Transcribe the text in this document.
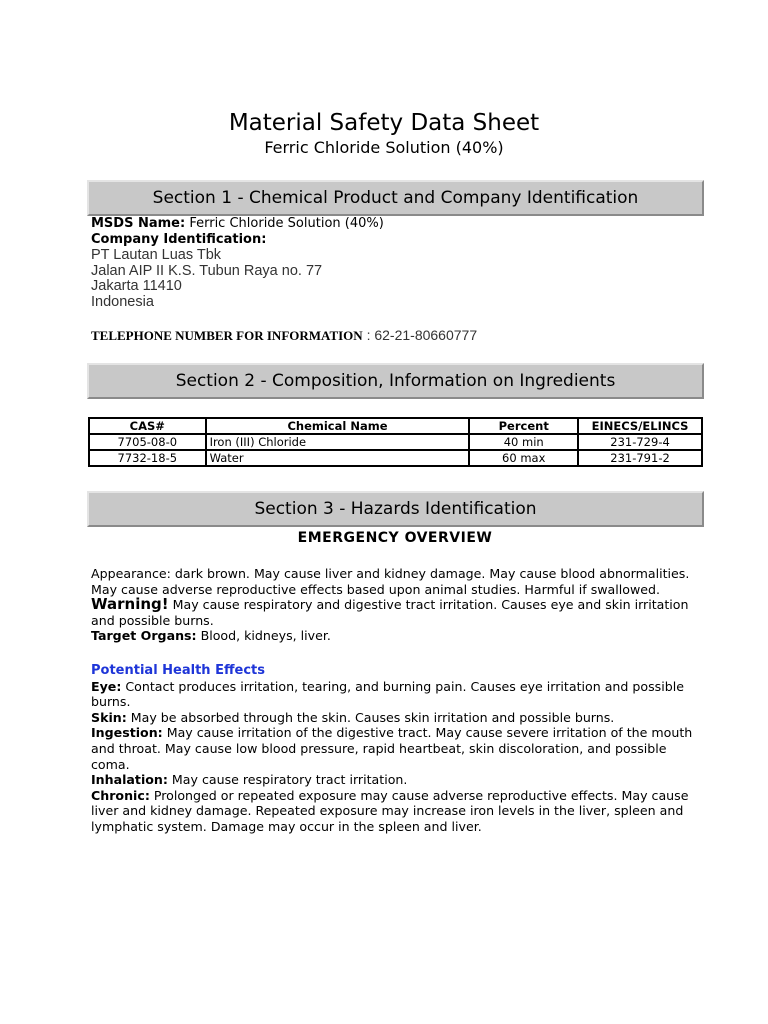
Material Safety Data Sheet
Ferric Chloride Solution (40%)
Section 1 - Chemical Product and Company Identification
MSDS Name: Ferric Chloride Solution (40%)
Company Identification:
PT Lautan Luas Tbk
Jalan AIP II K.S. Tubun Raya no. 77
Jakarta 11410
Indonesia
TELEPHONE NUMBER FOR INFORMATION : 62-21-80660777
Section 2 - Composition, Information on Ingredients
CAS#	Chemical Name	Percent	EINECS/ELINCS
7705-08-0	Iron (III) Chloride	40 min	231-729-4
7732-18-5	Water	60 max	231-791-2
Section 3 - Hazards Identification
EMERGENCY OVERVIEW
Appearance: dark brown. May cause liver and kidney damage. May cause blood abnormalities. May cause adverse reproductive effects based upon animal studies. Harmful if swallowed.
Warning! May cause respiratory and digestive tract irritation. Causes eye and skin irritation and possible burns.
Target Organs: Blood, kidneys, liver.
Potential Health Effects
Eye: Contact produces irritation, tearing, and burning pain. Causes eye irritation and possible burns.
Skin: May be absorbed through the skin. Causes skin irritation and possible burns.
Ingestion: May cause irritation of the digestive tract. May cause severe irritation of the mouth and throat. May cause low blood pressure, rapid heartbeat, skin discoloration, and possible coma.
Inhalation: May cause respiratory tract irritation.
Chronic: Prolonged or repeated exposure may cause adverse reproductive effects. May cause liver and kidney damage. Repeated exposure may increase iron levels in the liver, spleen and lymphatic system. Damage may occur in the spleen and liver.
